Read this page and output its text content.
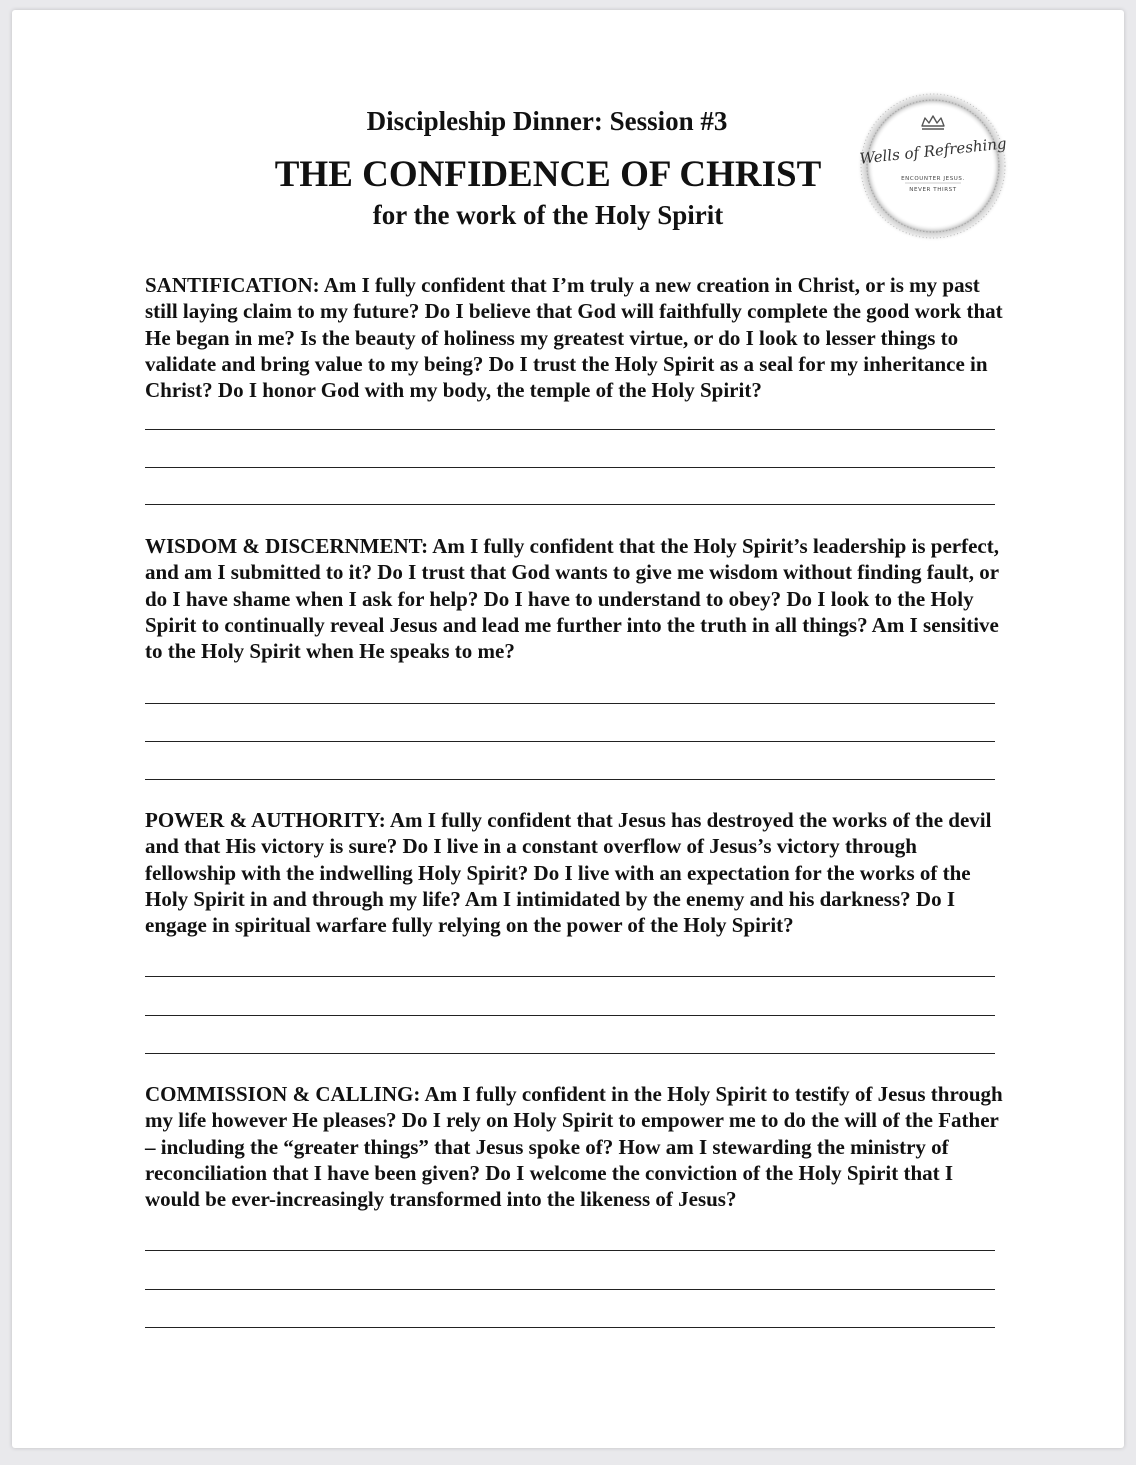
Discipleship Dinner: Session #3
THE CONFIDENCE OF CHRIST
for the work of the Holy Spirit
Wells of Refreshing
ENCOUNTER JESUS.
NEVER THIRST

SANTIFICATION: Am I fully confident that I’m truly a new creation in Christ, or is my past still laying claim to my future? Do I believe that God will faithfully complete the good work that He began in me? Is the beauty of holiness my greatest virtue, or do I look to lesser things to validate and bring value to my being? Do I trust the Holy Spirit as a seal for my inheritance in Christ? Do I honor God with my body, the temple of the Holy Spirit?

WISDOM & DISCERNMENT: Am I fully confident that the Holy Spirit’s leadership is perfect, and am I submitted to it? Do I trust that God wants to give me wisdom without finding fault, or do I have shame when I ask for help? Do I have to understand to obey? Do I look to the Holy Spirit to continually reveal Jesus and lead me further into the truth in all things? Am I sensitive to the Holy Spirit when He speaks to me?

POWER & AUTHORITY: Am I fully confident that Jesus has destroyed the works of the devil and that His victory is sure? Do I live in a constant overflow of Jesus’s victory through fellowship with the indwelling Holy Spirit? Do I live with an expectation for the works of the Holy Spirit in and through my life? Am I intimidated by the enemy and his darkness? Do I engage in spiritual warfare fully relying on the power of the Holy Spirit?

COMMISSION & CALLING: Am I fully confident in the Holy Spirit to testify of Jesus through my life however He pleases? Do I rely on Holy Spirit to empower me to do the will of the Father – including the “greater things” that Jesus spoke of? How am I stewarding the ministry of reconciliation that I have been given? Do I welcome the conviction of the Holy Spirit that I would be ever-increasingly transformed into the likeness of Jesus?
